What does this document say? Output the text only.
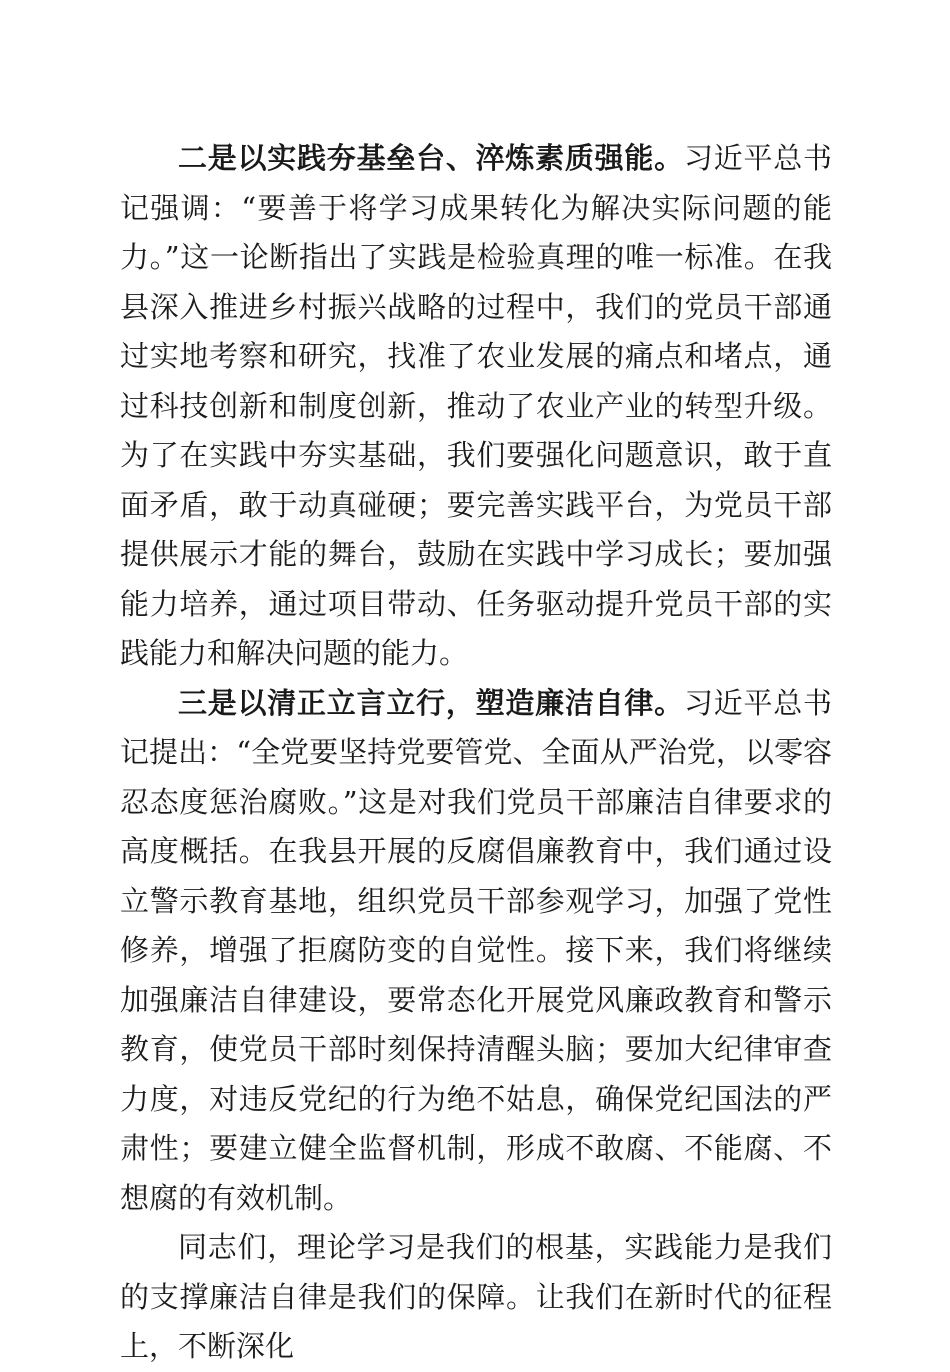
二是以实践夯基垒台、淬炼素质强能。习近平总书记强调：“要善于将学习成果转化为解决实际问题的能力。”这一论断指出了实践是检验真理的唯一标准。在我县深入推进乡村振兴战略的过程中，我们的党员干部通过实地考察和研究，找准了农业发展的痛点和堵点，通过科技创新和制度创新，推动了农业产业的转型升级。为了在实践中夯实基础，我们要强化问题意识，敢于直面矛盾，敢于动真碰硬；要完善实践平台，为党员干部提供展示才能的舞台，鼓励在实践中学习成长；要加强能力培养，通过项目带动、任务驱动提升党员干部的实践能力和解决问题的能力。

三是以清正立言立行，塑造廉洁自律。习近平总书记提出：“全党要坚持党要管党、全面从严治党，以零容忍态度惩治腐败。”这是对我们党员干部廉洁自律要求的高度概括。在我县开展的反腐倡廉教育中，我们通过设立警示教育基地，组织党员干部参观学习，加强了党性修养，增强了拒腐防变的自觉性。接下来，我们将继续加强廉洁自律建设，要常态化开展党风廉政教育和警示教育，使党员干部时刻保持清醒头脑；要加大纪律审查力度，对违反党纪的行为绝不姑息，确保党纪国法的严肃性；要建立健全监督机制，形成不敢腐、不能腐、不想腐的有效机制。

同志们，理论学习是我们的根基，实践能力是我们的支撑廉洁自律是我们的保障。让我们在新时代的征程上，不断深化
